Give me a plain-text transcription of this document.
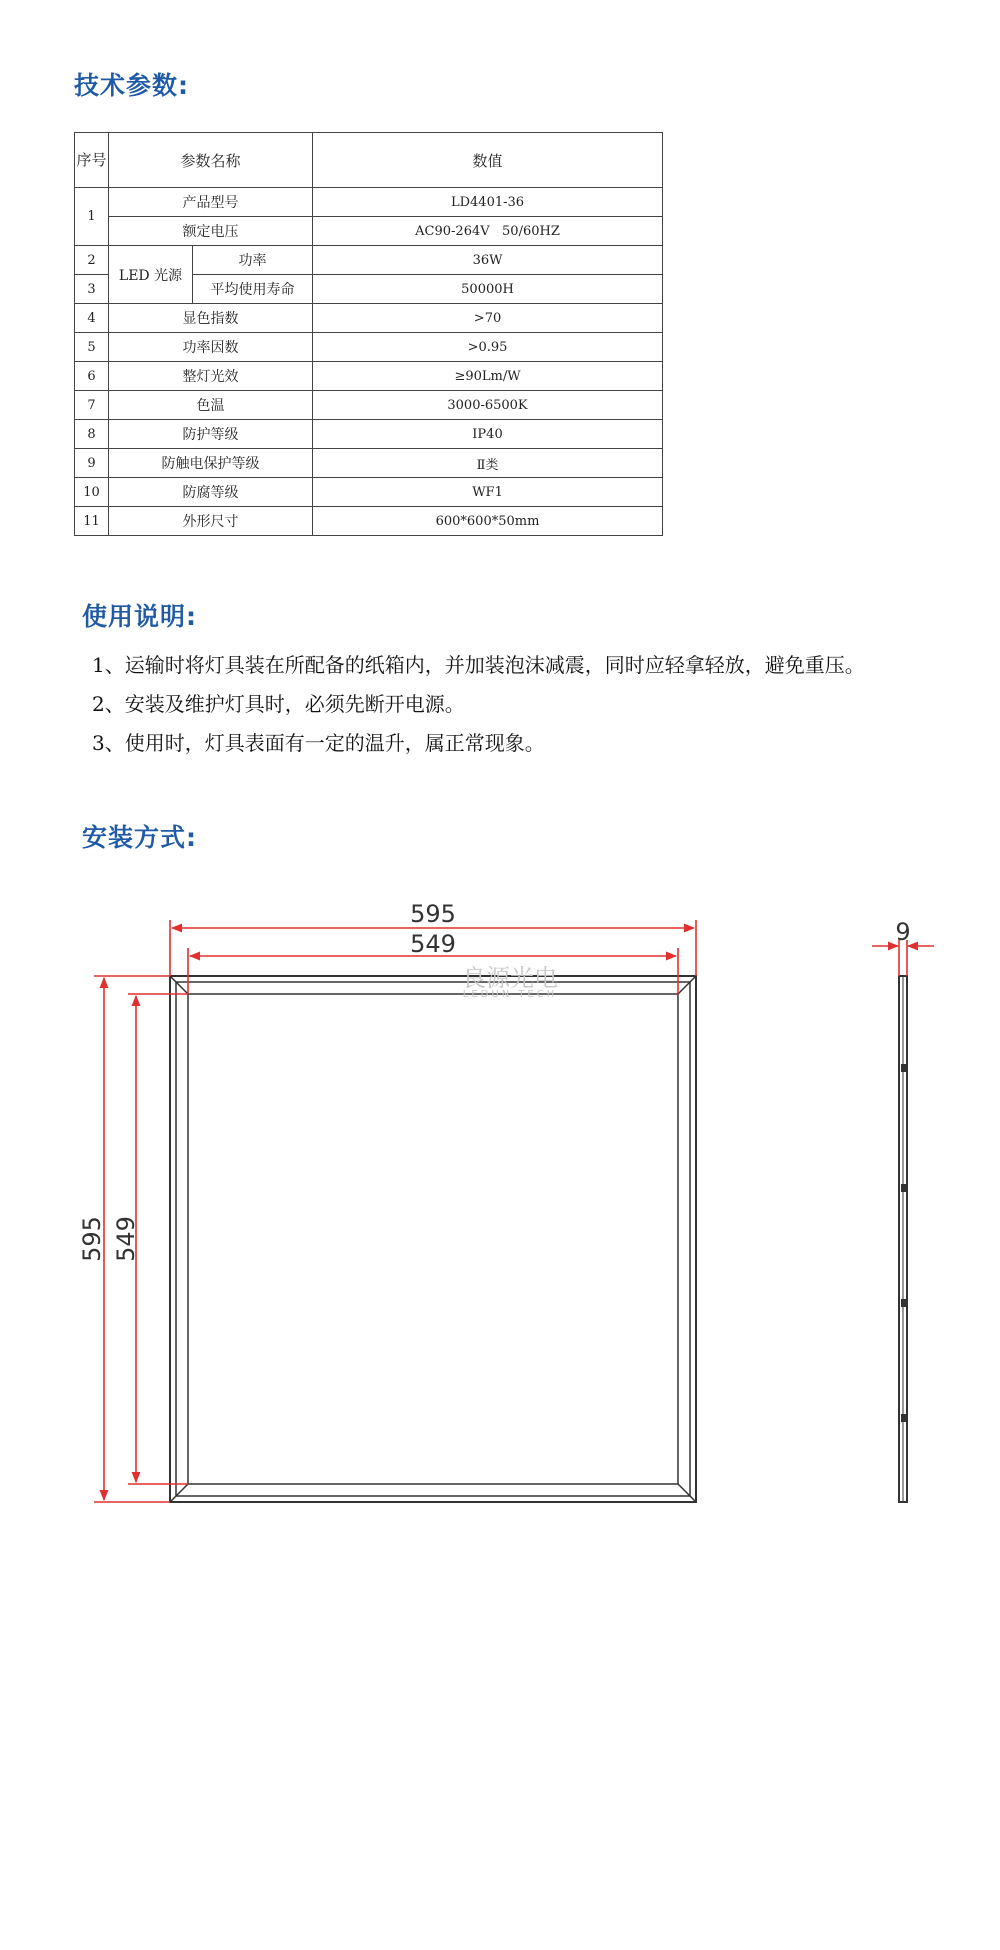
技术参数:
序号	参数名称		数值
1	产品型号		LD4401-36
	额定电压		AC90-264V   50/60HZ
2	LED 光源	功率	36W
3		平均使用寿命	50000H
4	显色指数		>70
5	功率因数		>0.95
6	整灯光效		≥90Lm/W
7	色温		3000-6500K
8	防护等级		IP40
9	防触电保护等级		Ⅱ类
10	防腐等级		WF1
11	外形尺寸		600*600*50mm
使用说明:
1、运输时将灯具装在所配备的纸箱内，并加装泡沫减震，同时应轻拿轻放，避免重压。
2、安装及维护灯具时，必须先断开电源。
3、使用时，灯具表面有一定的温升，属正常现象。
安装方式:
良源光电
LEDUN TECH
595
549
595 549
9
